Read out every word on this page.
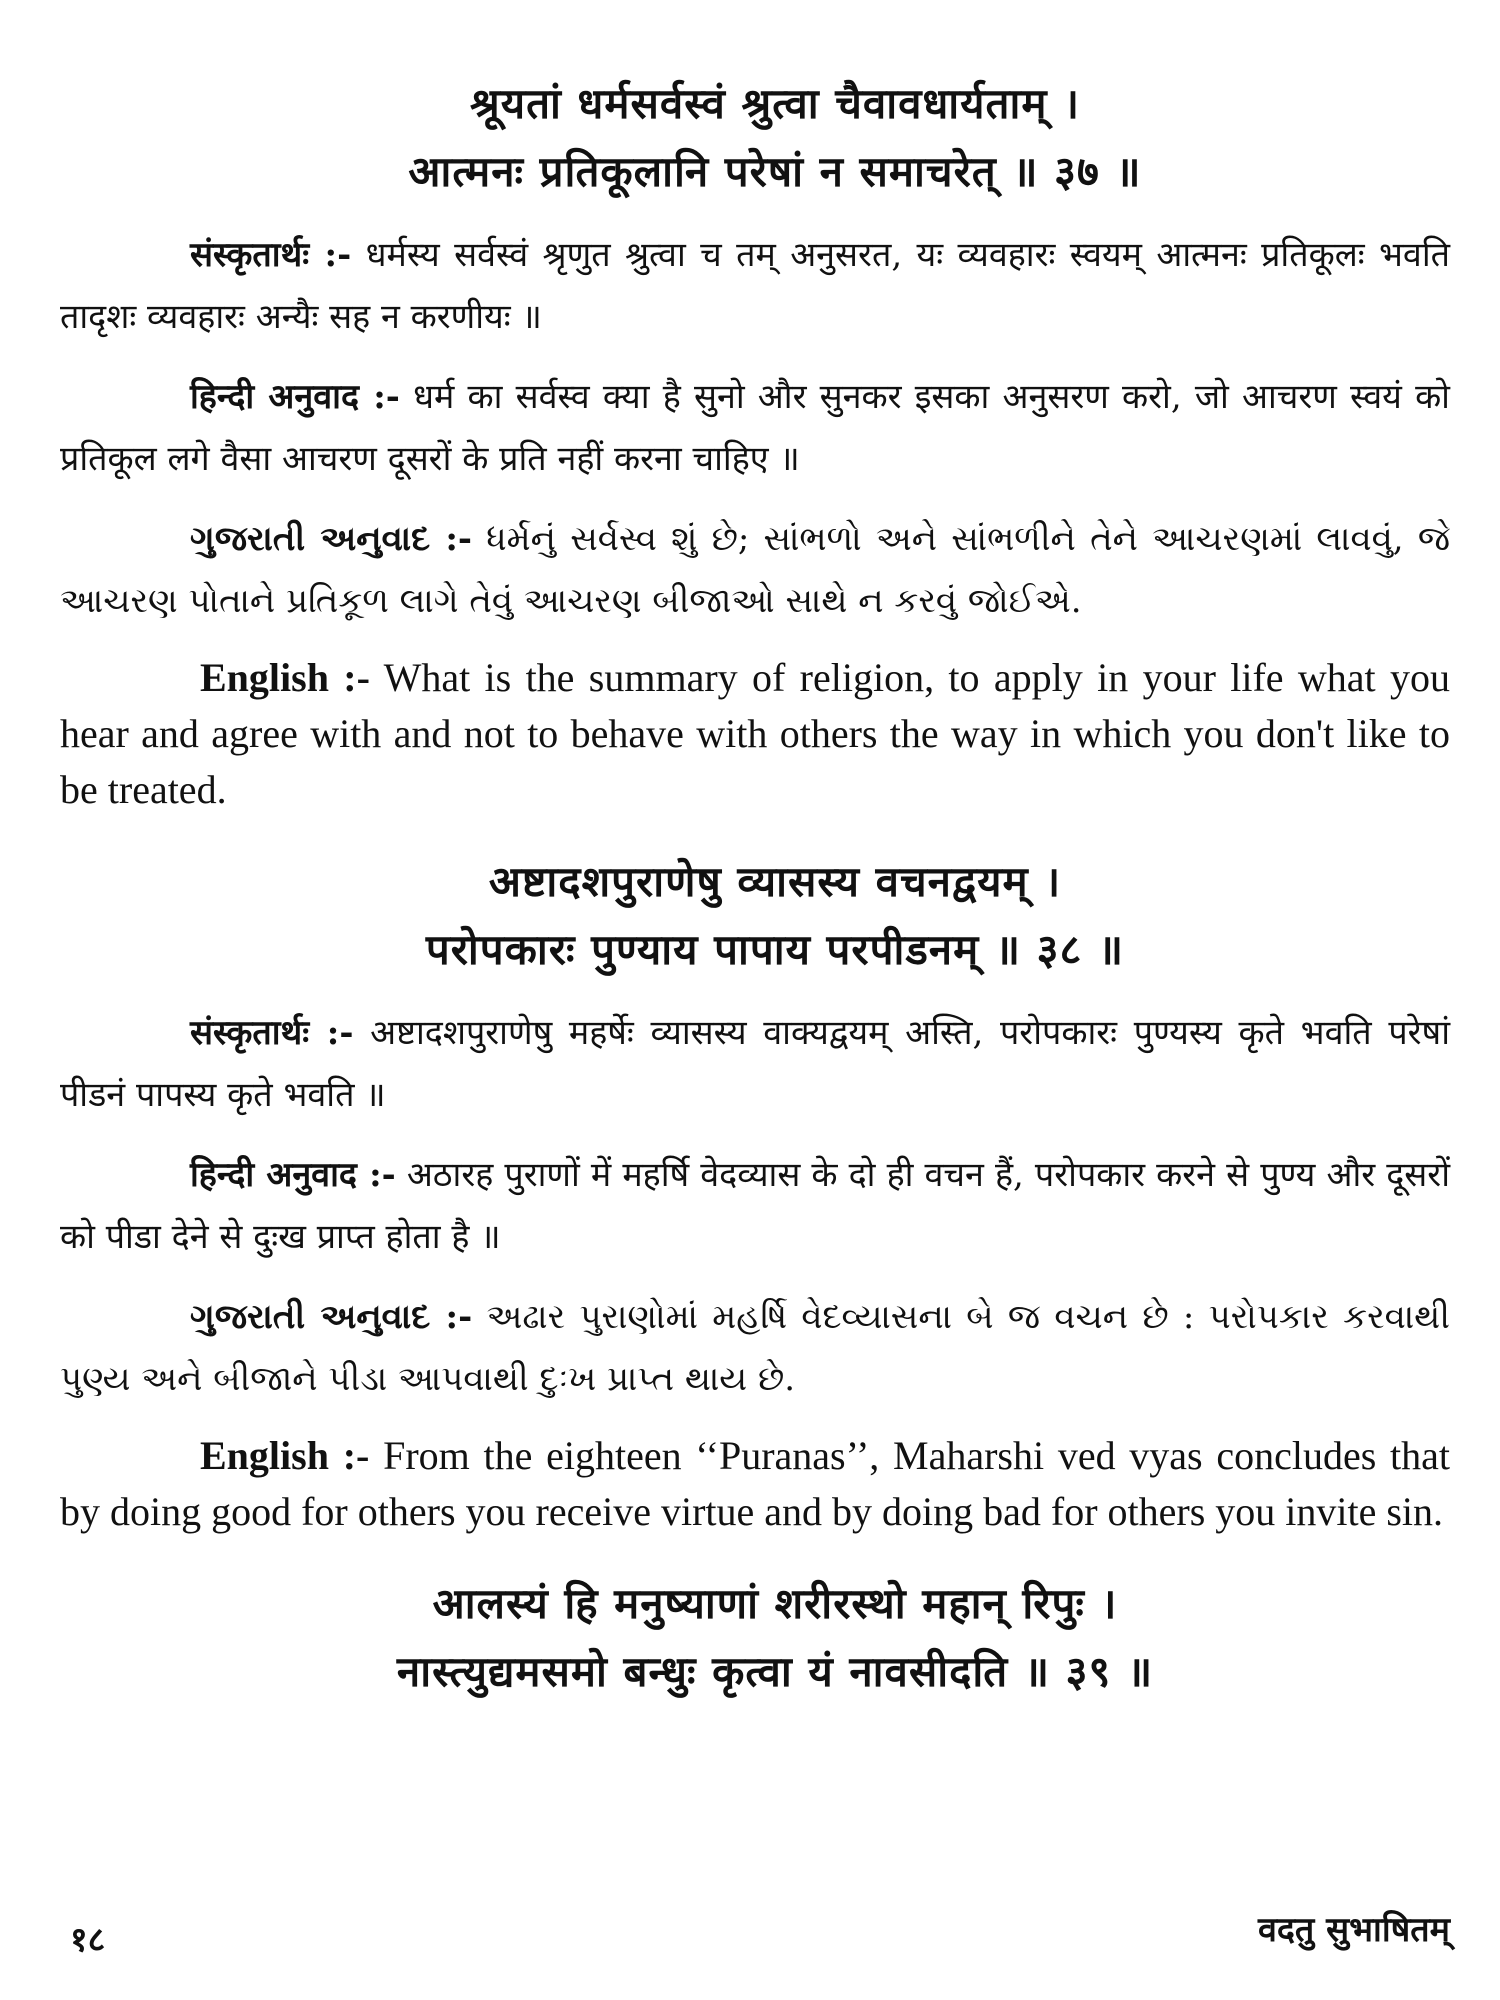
श्रूयतां धर्मसर्वस्वं श्रुत्वा चैवावधार्यताम् ।
आत्मनः प्रतिकूलानि परेषां न समाचरेत् ॥ ३७ ॥
संस्कृतार्थः :- धर्मस्य सर्वस्वं श्रृणुत श्रुत्वा च तम् अनुसरत, यः व्यवहारः स्वयम् आत्मनः प्रतिकूलः भवति तादृशः व्यवहारः अन्यैः सह न करणीयः ॥
हिन्दी अनुवाद :- धर्म का सर्वस्व क्या है सुनो और सुनकर इसका अनुसरण करो, जो आचरण स्वयं को प्रतिकूल लगे वैसा आचरण दूसरों के प्रति नहीं करना चाहिए ॥
ગુજરાતી અનુવાદ :- ધર્મનું સર્વસ્વ શું છે; સાંભળો અને સાંભળીને તેને આચરણમાં લાવવું, જે આચરણ પોતાને પ્રતિકૂળ લાગે તેવું આચરણ બીજાઓ સાથે ન કરવું જોઈએ.
English :- What is the summary of religion, to apply in your life what you hear and agree with and not to behave with others the way in which you don't like to be treated.
अष्टादशपुराणेषु व्यासस्य वचनद्वयम् ।
परोपकारः पुण्याय पापाय परपीडनम् ॥ ३८ ॥
संस्कृतार्थः :- अष्टादशपुराणेषु महर्षेः व्यासस्य वाक्यद्वयम् अस्ति, परोपकारः पुण्यस्य कृते भवति परेषां पीडनं पापस्य कृते भवति ॥
हिन्दी अनुवाद :- अठारह पुराणों में महर्षि वेदव्यास के दो ही वचन हैं, परोपकार करने से पुण्य और दूसरों को पीडा देने से दुःख प्राप्त होता है ॥
ગુજરાતી અનુવાદ :- અઢાર પુરાણોમાં મહર્ષિ વેદવ્યાસના બે જ વચન છે : પરોપકાર કરવાથી પુણ્ય અને બીજાને પીડા આપવાથી દુઃખ પ્રાપ્ત થાય છે.
English :- From the eighteen ‘‘Puranas’’, Maharshi ved vyas concludes that by doing good for others you receive virtue and by doing bad for others you invite sin.
आलस्यं हि मनुष्याणां शरीरस्थो महान् रिपुः ।
नास्त्युद्यमसमो बन्धुः कृत्वा यं नावसीदति ॥ ३९ ॥
१८	वदतु सुभाषितम्
